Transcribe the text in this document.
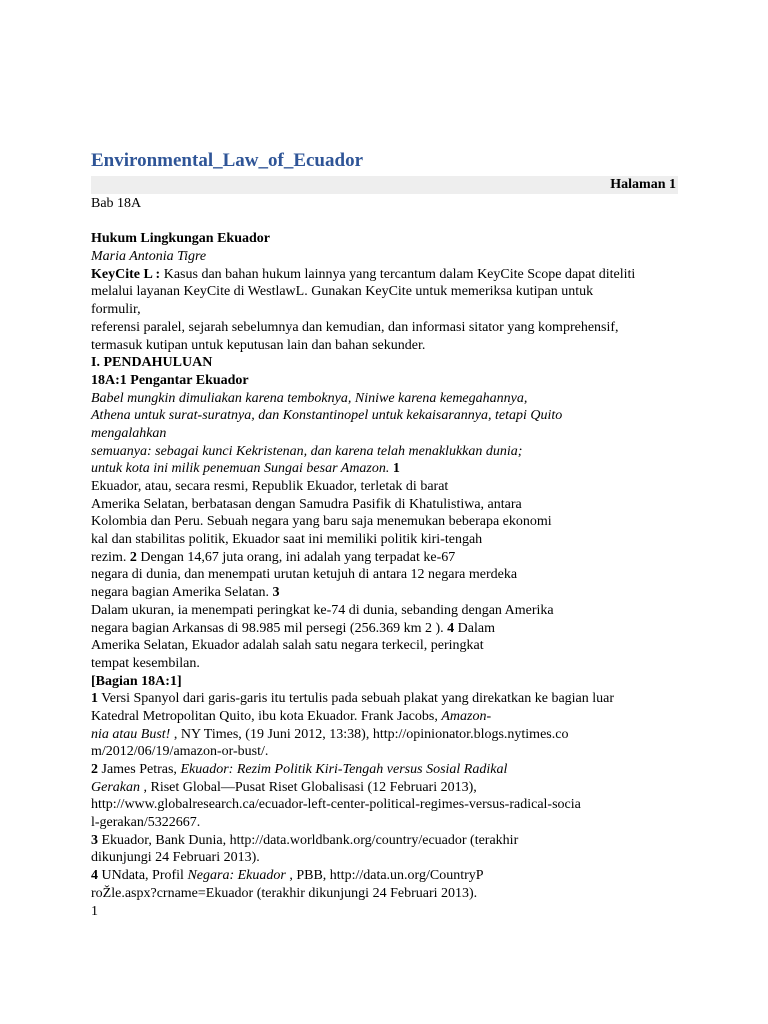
Environmental_Law_of_Ecuador
Halaman 1
Bab 18A
Hukum Lingkungan Ekuador
Maria Antonia Tigre
KeyCite L : Kasus dan bahan hukum lainnya yang tercantum dalam KeyCite Scope dapat diteliti
melalui layanan KeyCite di WestlawL. Gunakan KeyCite untuk memeriksa kutipan untuk
formulir,
referensi paralel, sejarah sebelumnya dan kemudian, dan informasi sitator yang komprehensif,
termasuk kutipan untuk keputusan lain dan bahan sekunder.
I. PENDAHULUAN
18A:1 Pengantar Ekuador
Babel mungkin dimuliakan karena temboknya, Niniwe karena kemegahannya,
Athena untuk surat-suratnya, dan Konstantinopel untuk kekaisarannya, tetapi Quito
mengalahkan
semuanya: sebagai kunci Kekristenan, dan karena telah menaklukkan dunia;
untuk kota ini milik penemuan Sungai besar Amazon. 1
Ekuador, atau, secara resmi, Republik Ekuador, terletak di barat
Amerika Selatan, berbatasan dengan Samudra Pasifik di Khatulistiwa, antara
Kolombia dan Peru. Sebuah negara yang baru saja menemukan beberapa ekonomi
kal dan stabilitas politik, Ekuador saat ini memiliki politik kiri-tengah
rezim. 2 Dengan 14,67 juta orang, ini adalah yang terpadat ke-67
negara di dunia, dan menempati urutan ketujuh di antara 12 negara merdeka
negara bagian Amerika Selatan. 3
Dalam ukuran, ia menempati peringkat ke-74 di dunia, sebanding dengan Amerika
negara bagian Arkansas di 98.985 mil persegi (256.369 km 2 ). 4 Dalam
Amerika Selatan, Ekuador adalah salah satu negara terkecil, peringkat
tempat kesembilan.
[Bagian 18A:1]
1 Versi Spanyol dari garis-garis itu tertulis pada sebuah plakat yang direkatkan ke bagian luar
Katedral Metropolitan Quito, ibu kota Ekuador. Frank Jacobs, Amazon-
nia atau Bust! , NY Times, (19 Juni 2012, 13:38), http://opinionator.blogs.nytimes.co
m/2012/06/19/amazon-or-bust/.
2 James Petras, Ekuador: Rezim Politik Kiri-Tengah versus Sosial Radikal
Gerakan , Riset Global—Pusat Riset Globalisasi (12 Februari 2013),
http://www.globalresearch.ca/ecuador-left-center-political-regimes-versus-radical-socia
l-gerakan/5322667.
3 Ekuador, Bank Dunia, http://data.worldbank.org/country/ecuador (terakhir
dikunjungi 24 Februari 2013).
4 UNdata, Profil Negara: Ekuador , PBB, http://data.un.org/CountryP
roŽle.aspx?crname=Ekuador (terakhir dikunjungi 24 Februari 2013).
1
